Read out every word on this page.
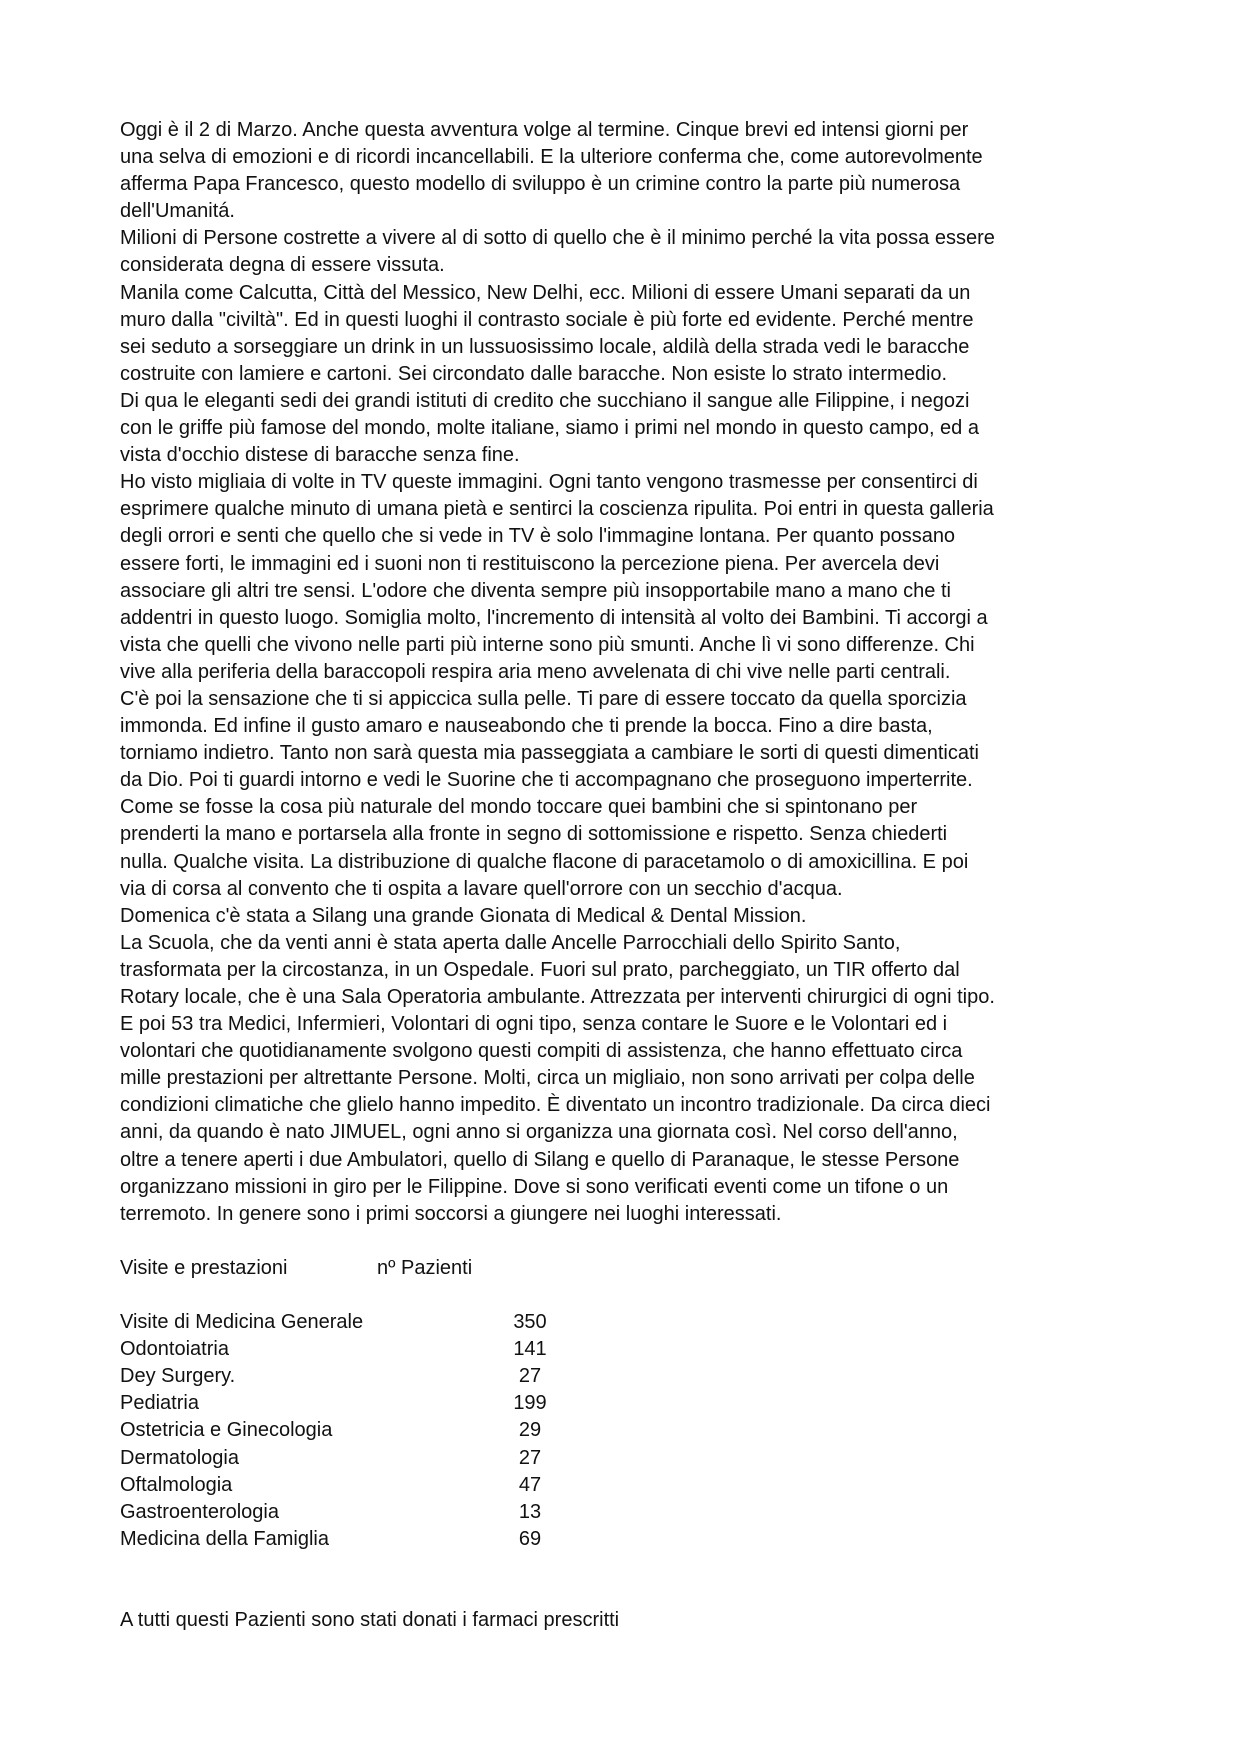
Oggi è il 2 di Marzo. Anche questa avventura volge al termine. Cinque brevi ed intensi giorni per
una selva di emozioni e di ricordi incancellabili. E la ulteriore conferma che, come autorevolmente
afferma Papa Francesco, questo modello di sviluppo è un crimine contro la parte più numerosa
dell'Umanitá.

Milioni di Persone costrette a vivere al di sotto di quello che è il minimo perché la vita possa essere
considerata degna di essere vissuta.

Manila come Calcutta, Città del Messico, New Delhi, ecc. Milioni di essere Umani separati da un
muro dalla "civiltà". Ed in questi luoghi il contrasto sociale è più forte ed evidente. Perché mentre
sei seduto a sorseggiare un drink in un lussuosissimo locale, aldilà della strada vedi le baracche
costruite con lamiere e cartoni. Sei circondato dalle baracche. Non esiste lo strato intermedio.

Di qua le eleganti sedi dei grandi istituti di credito che succhiano il sangue alle Filippine, i negozi
con le griffe più famose del mondo, molte italiane, siamo i primi nel mondo in questo campo, ed a
vista d'occhio distese di baracche senza fine.

Ho visto migliaia di volte in TV queste immagini. Ogni tanto vengono trasmesse per consentirci di
esprimere qualche minuto di umana pietà e sentirci la coscienza ripulita. Poi entri in questa galleria
degli orrori e senti che quello che si vede in TV è solo l'immagine lontana. Per quanto possano
essere forti, le immagini ed i suoni non ti restituiscono la percezione piena. Per avercela devi
associare gli altri tre sensi. L'odore che diventa sempre più insopportabile mano a mano che ti
addentri in questo luogo. Somiglia molto, l'incremento di intensità al volto dei Bambini. Ti accorgi a
vista che quelli che vivono nelle parti più interne sono più smunti. Anche lì vi sono differenze. Chi
vive alla periferia della baraccopoli respira aria meno avvelenata di chi vive nelle parti centrali.

C'è poi la sensazione che ti si appiccica sulla pelle. Ti pare di essere toccato da quella sporcizia
immonda. Ed infine il gusto amaro e nauseabondo che ti prende la bocca. Fino a dire basta,
torniamo indietro. Tanto non sarà questa mia passeggiata a cambiare le sorti di questi dimenticati
da Dio. Poi ti guardi intorno e vedi le Suorine che ti accompagnano che proseguono imperterrite.
Come se fosse la cosa più naturale del mondo toccare quei bambini che si spintonano per
prenderti la mano e portarsela alla fronte in segno di sottomissione e rispetto. Senza chiederti
nulla. Qualche visita. La distribuzione di qualche flacone di paracetamolo o di amoxicillina. E poi
via di corsa al convento che ti ospita a lavare quell'orrore con un secchio d'acqua.

Domenica c'è stata a Silang una grande Gionata di Medical & Dental Mission.

La Scuola, che da venti anni è stata aperta dalle Ancelle Parrocchiali dello Spirito Santo,
trasformata per la circostanza, in un Ospedale. Fuori sul prato, parcheggiato, un TIR offerto dal
Rotary locale, che è una Sala Operatoria ambulante. Attrezzata per interventi chirurgici di ogni tipo.
E poi 53 tra Medici, Infermieri, Volontari di ogni tipo, senza contare le Suore e le Volontari ed i
volontari che quotidianamente svolgono questi compiti di assistenza, che hanno effettuato circa
mille prestazioni per altrettante Persone. Molti, circa un migliaio, non sono arrivati per colpa delle
condizioni climatiche che glielo hanno impedito. È diventato un incontro tradizionale. Da circa dieci
anni, da quando è nato JIMUEL, ogni anno si organizza una giornata così. Nel corso dell'anno,
oltre a tenere aperti i due Ambulatori, quello di Silang e quello di Paranaque, le stesse Persone
organizzano missioni in giro per le Filippine. Dove si sono verificati eventi come un tifone o un
terremoto. In genere sono i primi soccorsi a giungere nei luoghi interessati.

Visite e prestazioni	nº Pazienti
Visite di Medicina Generale	350
Odontoiatria	141
Dey Surgery.	27
Pediatria	199
Ostetricia e Ginecologia	29
Dermatologia	27
Oftalmologia	47
Gastroenterologia	13
Medicina della Famiglia	69
A tutti questi Pazienti sono stati donati i farmaci prescritti
